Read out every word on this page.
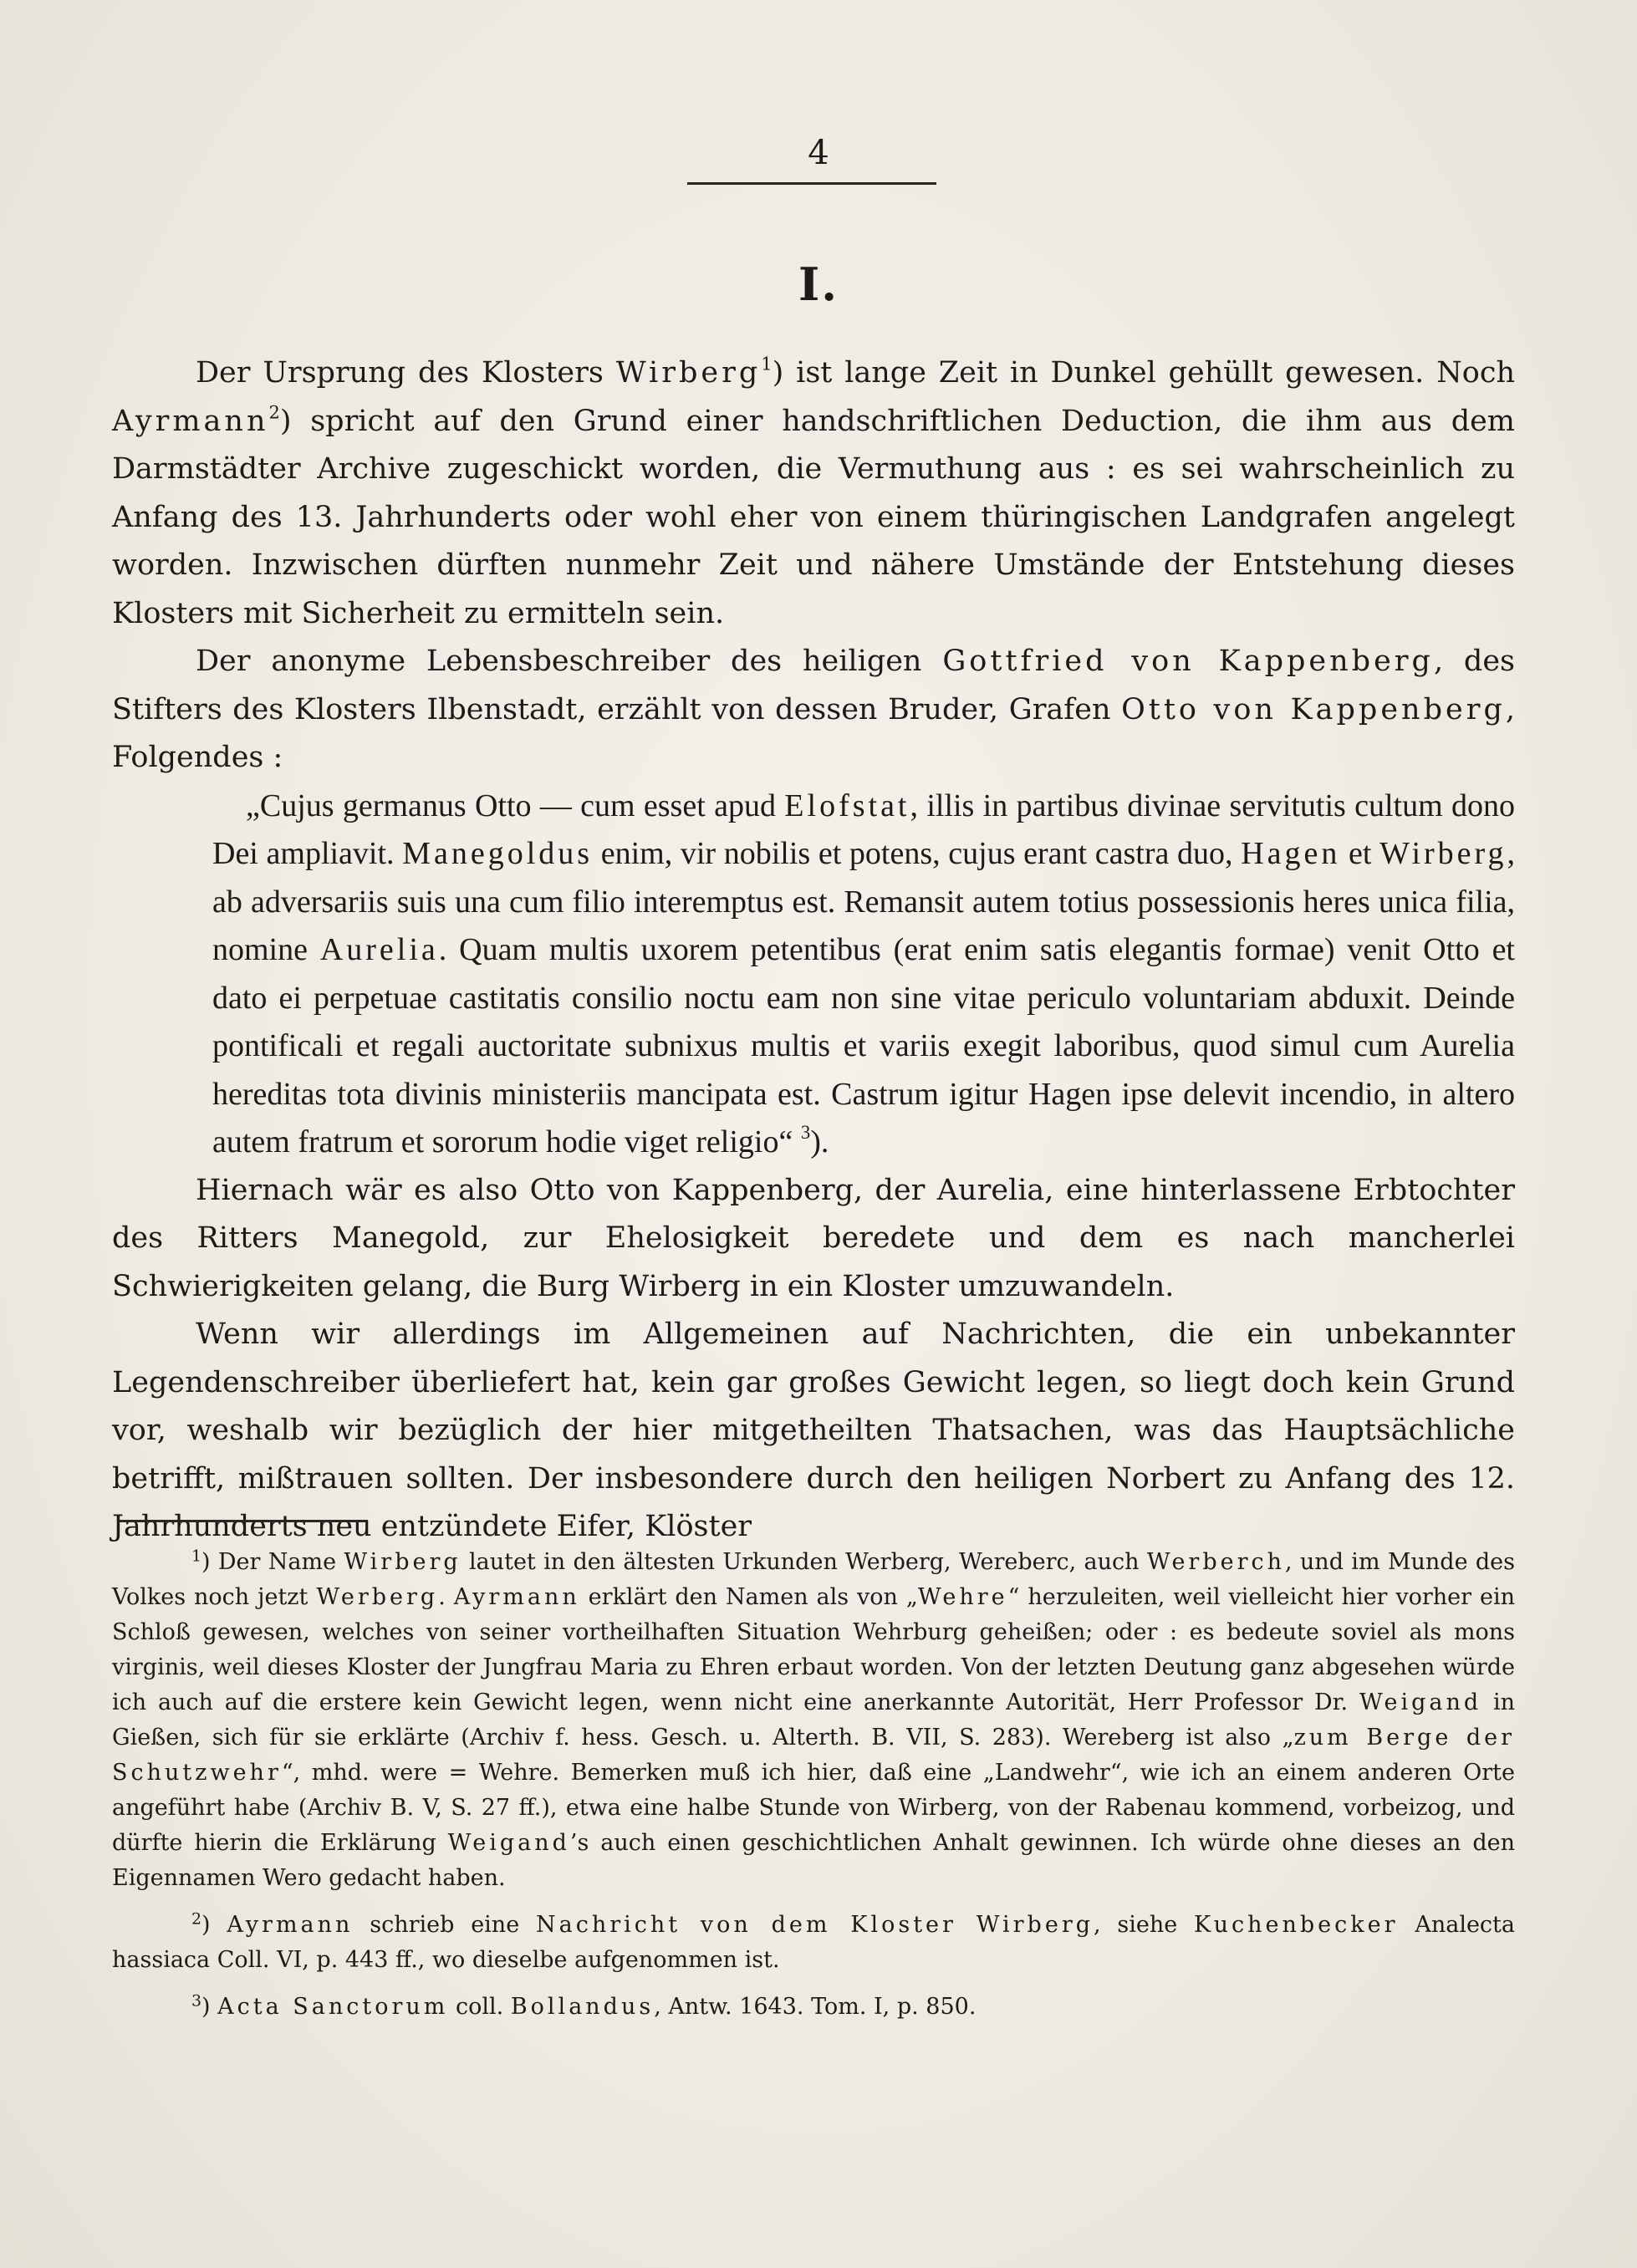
4
I.

Der Ursprung des Klosters Wirberg$^1$) ist lange Zeit in Dunkel gehüllt gewesen. Noch Ayrmann$^2$) spricht auf den Grund einer handschriftlichen Deduction, die ihm aus dem Darmstädter Archive zugeschickt worden, die Vermuthung aus : es sei wahrscheinlich zu Anfang des 13. Jahrhunderts oder wohl eher von einem thüringischen Landgrafen angelegt worden. Inzwischen dürften nunmehr Zeit und nähere Umstände der Entstehung dieses Klosters mit Sicherheit zu ermitteln sein.

Der anonyme Lebensbeschreiber des heiligen Gottfried von Kappenberg, des Stifters des Klosters Ilbenstadt, erzählt von dessen Bruder, Grafen Otto von Kappenberg, Folgendes :

„Cujus germanus Otto — cum esset apud Elofstat, illis in partibus divinae servitutis cultum dono Dei ampliavit. Manegoldus enim, vir nobilis et potens, cujus erant castra duo, Hagen et Wirberg, ab adversariis suis una cum filio interemptus est. Remansit autem totius possessionis heres unica filia, nomine Aurelia. Quam multis uxorem petentibus (erat enim satis elegantis formae) venit Otto et dato ei perpetuae castitatis consilio noctu eam non sine vitae periculo voluntariam abduxit. Deinde pontificali et regali auctoritate subnixus multis et variis exegit laboribus, quod simul cum Aurelia hereditas tota divinis ministeriis mancipata est. Castrum igitur Hagen ipse delevit incendio, in altero autem fratrum et sororum hodie viget religio“ $^3$).

Hiernach wär es also Otto von Kappenberg, der Aurelia, eine hinterlassene Erbtochter des Ritters Manegold, zur Ehelosigkeit beredete und dem es nach mancherlei Schwierigkeiten gelang, die Burg Wirberg in ein Kloster umzuwandeln.

Wenn wir allerdings im Allgemeinen auf Nachrichten, die ein unbekannter Legendenschreiber überliefert hat, kein gar großes Gewicht legen, so liegt doch kein Grund vor, weshalb wir bezüglich der hier mitgetheilten Thatsachen, was das Hauptsächliche betrifft, mißtrauen sollten. Der insbesondere durch den heiligen Norbert zu Anfang des 12. Jahrhunderts neu entzündete Eifer, Klöster

$^1$) Der Name Wirberg lautet in den ältesten Urkunden Werberg, Wereberc, auch Werberch, und im Munde des Volkes noch jetzt Werberg. Ayrmann erklärt den Namen als von „Wehre“ herzuleiten, weil vielleicht hier vorher ein Schloß gewesen, welches von seiner vortheilhaften Situation Wehrburg geheißen; oder : es bedeute soviel als mons virginis, weil dieses Kloster der Jungfrau Maria zu Ehren erbaut worden. Von der letzten Deutung ganz abgesehen würde ich auch auf die erstere kein Gewicht legen, wenn nicht eine anerkannte Autorität, Herr Professor Dr. Weigand in Gießen, sich für sie erklärte (Archiv f. hess. Gesch. u. Alterth. B. VII, S. 283). Wereberg ist also „zum Berge der Schutzwehr“, mhd. were = Wehre. Bemerken muß ich hier, daß eine „Landwehr“, wie ich an einem anderen Orte angeführt habe (Archiv B. V, S. 27 ff.), etwa eine halbe Stunde von Wirberg, von der Rabenau kommend, vorbeizog, und dürfte hierin die Erklärung Weigand’s auch einen geschichtlichen Anhalt gewinnen. Ich würde ohne dieses an den Eigennamen Wero gedacht haben.

$^2$) Ayrmann schrieb eine Nachricht von dem Kloster Wirberg, siehe Kuchenbecker Analecta hassiaca Coll. VI, p. 443 ff., wo dieselbe aufgenommen ist.

$^3$) Acta Sanctorum coll. Bollandus, Antw. 1643. Tom. I, p. 850.
